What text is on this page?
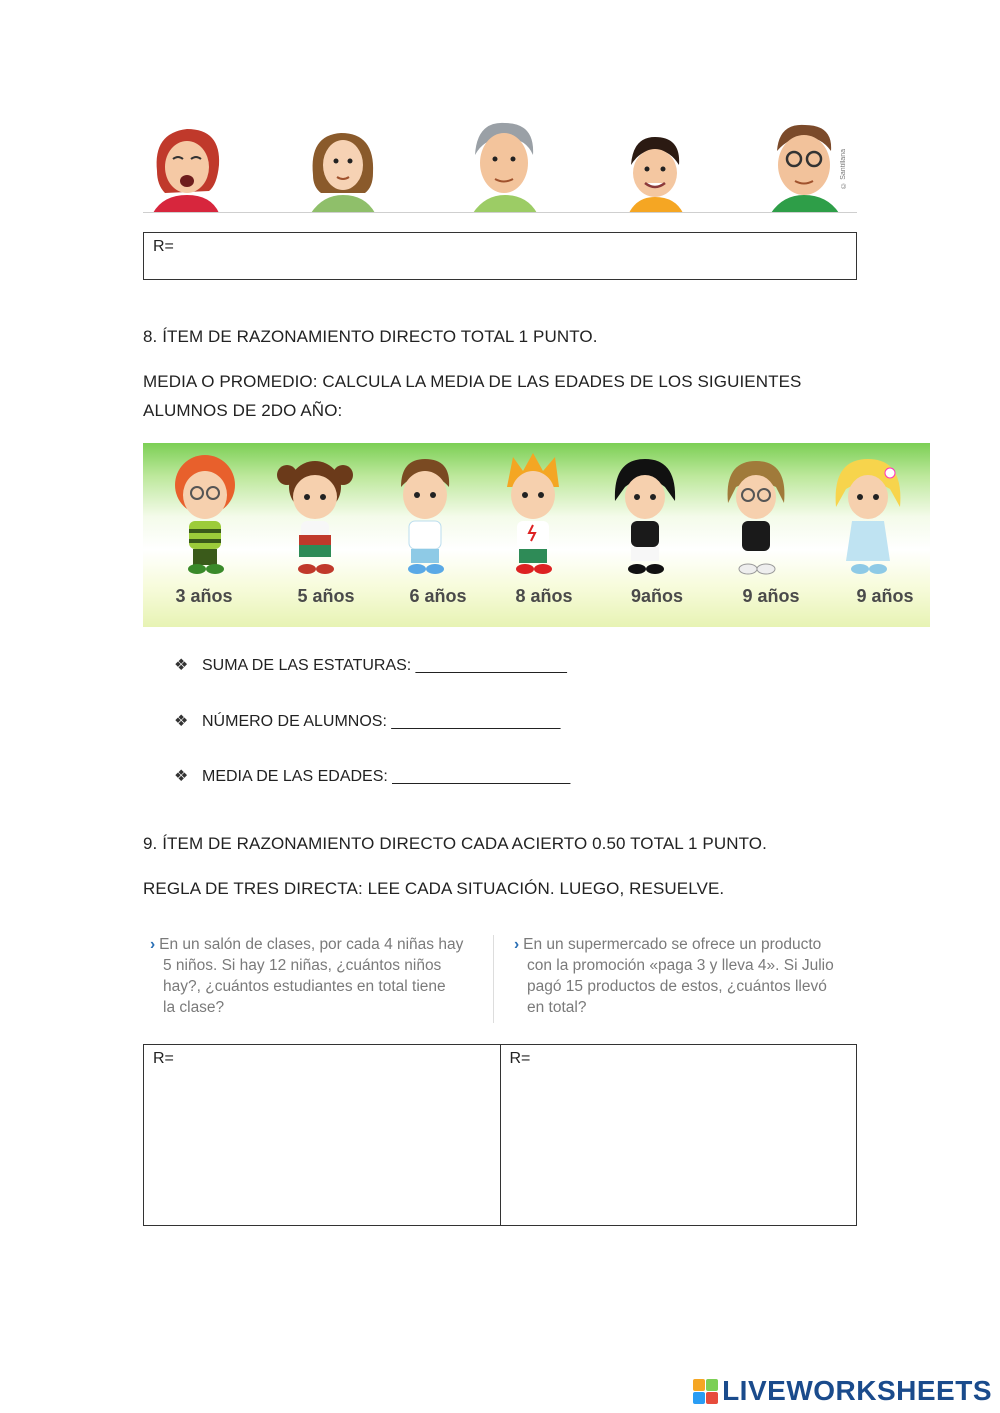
© Santillana
R=
8. ÍTEM DE RAZONAMIENTO DIRECTO TOTAL 1 PUNTO.
MEDIA O PROMEDIO: CALCULA LA MEDIA DE LAS EDADES DE LOS SIGUIENTES
ALUMNOS DE 2DO AÑO:
3 años	5 años	6 años	8 años	9años	9 años	9 años
❖ SUMA DE LAS ESTATURAS: _________________
❖ NÚMERO DE ALUMNOS: ___________________
❖ MEDIA DE LAS EDADES: ____________________
9. ÍTEM DE RAZONAMIENTO DIRECTO CADA ACIERTO 0.50 TOTAL 1 PUNTO.
REGLA DE TRES DIRECTA: LEE CADA SITUACIÓN. LUEGO, RESUELVE.
› En un salón de clases, por cada 4 niñas hay
5 niños. Si hay 12 niñas, ¿cuántos niños
hay?, ¿cuántos estudiantes en total tiene
la clase?
› En un supermercado se ofrece un producto
con la promoción «paga 3 y lleva 4». Si Julio
pagó 15 productos de estos, ¿cuántos llevó
en total?
R=	R=
LIVEWORKSHEETS
